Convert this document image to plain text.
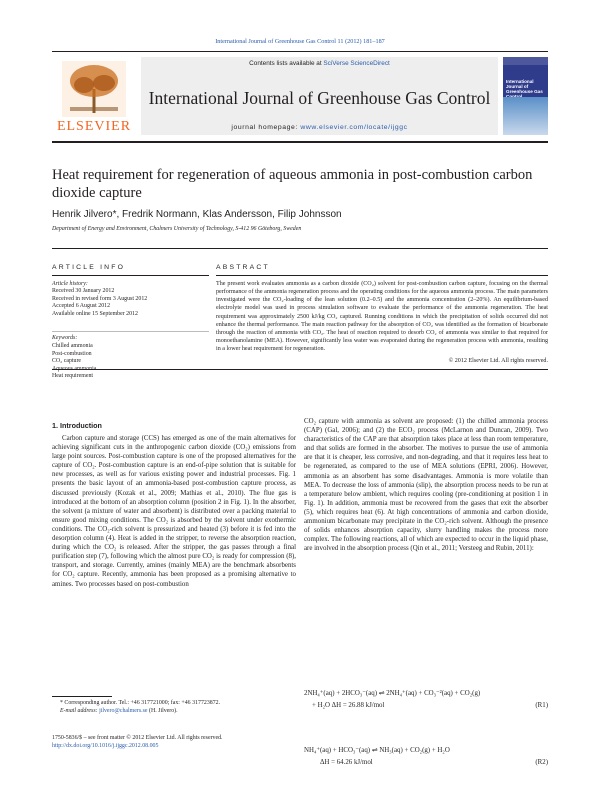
International Journal of Greenhouse Gas Control 11 (2012) 181–187
ELSEVIER
Contents lists available at SciVerse ScienceDirect
International Journal of Greenhouse Gas Control
journal homepage: www.elsevier.com/locate/ijggc
International Journal of Greenhouse Gas
Heat requirement for regeneration of aqueous ammonia in post-combustion carbon dioxide capture
Henrik Jilvero*, Fredrik Normann, Klas Andersson, Filip Johnsson
Department of Energy and Environment, Chalmers University of Technology, S-412 96 Göteborg, Sweden
ARTICLE INFO	ABSTRACT
Article history:
Received 30 January 2012
Received in revised form 3 August 2012
Accepted 6 August 2012
Available online 15 September 2012
Keywords:
Chilled ammonia
Post-combustion
CO₂ capture
Heat requirement
The present work evaluates ammonia as a carbon dioxide (CO₂) solvent for post-combustion carbon capture, focusing on the thermal performance of the ammonia regeneration process and the operating conditions for the aqueous ammonia process. The main parameters investigated were the CO₂-loading of the lean solution (0.2–0.5) and the ammonia concentration (2–20%). An equilibrium-based electrolyte model was used in process simulation software to evaluate the performance of the ammonia regeneration. The heat requirement was approximately 2500 kJ/kg CO₂ captured. Running conditions in which the precipitation of solids occurred did not enhance the thermal performance. The main reaction pathway for the absorption of CO₂ was identified as the formation of bicarbonate through the reaction of ammonia with CO₂. The heat of reaction required to desorb CO₂ of ammonia was similar to that required for monoethanolamine (MEA). However, significantly less water was evaporated during the regeneration process with ammonia, resulting in a lower heat requirement for regeneration.
© 2012 Elsevier Ltd. All rights reserved.
1. Introduction

Carbon capture and storage (CCS) has emerged as one of the main alternatives for achieving significant cuts in the anthropogenic carbon dioxide (CO₂) emissions from large point sources. Post-combustion capture is one of the proposed alternatives for the capture of CO₂. Post-combustion capture is an end-of-pipe solution that is suitable for new processes, as well as for various existing power and industrial processes. Fig. 1 presents the basic layout of an ammonia-based post-combustion capture process, as discussed previously (Kozak et al., 2009; Mathias et al., 2010). The flue gas is introduced at the bottom of an absorption column (position 2 in Fig. 1). In the absorber, the solvent (a mixture of water and absorbent) is distributed over a packing material to ensure good mixing conditions. The CO₂ is absorbed by the solvent under exothermic conditions. The CO₂-rich solvent is pressurized and heated (3) before it is fed into the desorption column (4). Heat is added in the stripper, to reverse the absorption reaction, during which the CO₂ is released. After the stripper, the gas passes through a final purification step (7), following which the almost pure CO₂ is ready for compression (8), transport, and storage. Currently, amines (mainly MEA) are the benchmark absorbents for CO₂ capture. Recently, ammonia has been proposed as a promising alternative to amines. Two processes based on post-combustion

CO₂ capture with ammonia as solvent are proposed: (1) the chilled ammonia process (CAP) (Gal, 2006); and (2) the ECO₂ process (McLarnon and Duncan, 2009). Two characteristics of the CAP are that absorption takes place at less than room temperature, and that solids are formed in the absorber. The motives to pursue the use of ammonia are that it is cheaper, less corrosive, and non-degrading, and that it requires less heat to be regenerated, as compared to the use of MEA solutions (EPRI, 2006). However, ammonia as an absorbent has some disadvantages. Ammonia is more volatile than MEA. To decrease the loss of ammonia (slip), the absorption process needs to be run at a temperature below ambient, which requires cooling (pre-conditioning at position 1 in Fig. 1). In addition, ammonia must be recovered from the gases that exit the absorber (5), which requires heat (6). At high concentrations of ammonia and carbon dioxide, ammonium bicarbonate may precipitate in the CO₂-rich solvent. Although the presence of solids enhances absorption capacity, slurry handling makes the process more complex. The following reactions, all of which are expected to occur in the liquid phase, are involved in the absorption process (Qin et al., 2011; Versteeg and Rubin, 2011):

2NH₄⁺(aq) + 2HCO₃⁻(aq) ⇌ 2NH₄⁺(aq) + CO₃⁻²(aq) + CO₂(g)
+ H₂O ΔH = 26.88 kJ/mol	(R1)
NH₄⁺(aq) + HCO₃⁻(aq) ⇌ NH₃(aq) + CO₂(g) + H₂O
ΔH = 64.26 kJ/mol	(R2)
* Corresponding author. Tel.: +46 317721000; fax: +46 317723872.
E-mail address: jilvero@chalmers.se (H. Jilvero).
1750-5836/$ – see front matter © 2012 Elsevier Ltd. All rights reserved.
http://dx.doi.org/10.1016/j.ijggc.2012.08.005
